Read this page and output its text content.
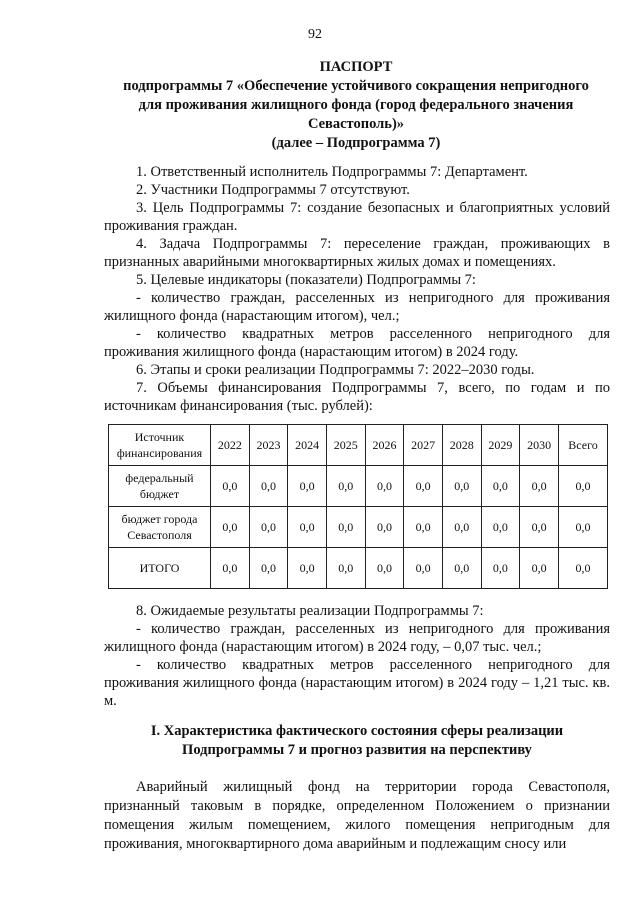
92
ПАСПОРТ
подпрограммы 7 «Обеспечение устойчивого сокращения непригодного
для проживания жилищного фонда (город федерального значения
Севастополь)»
(далее – Подпрограмма 7)
1. Ответственный исполнитель Подпрограммы 7: Департамент.
2. Участники Подпрограммы 7 отсутствуют.
3. Цель Подпрограммы 7: создание безопасных и благоприятных условий проживания граждан.
4. Задача Подпрограммы 7: переселение граждан, проживающих в признанных аварийными многоквартирных жилых домах и помещениях.
5. Целевые индикаторы (показатели) Подпрограммы 7:
- количество граждан, расселенных из непригодного для проживания жилищного фонда (нарастающим итогом), чел.;
- количество квадратных метров расселенного непригодного для проживания жилищного фонда (нарастающим итогом) в 2024 году.
6. Этапы и сроки реализации Подпрограммы 7: 2022–2030 годы.
7. Объемы финансирования Подпрограммы 7, всего, по годам и по источникам финансирования (тыс. рублей):
Источник финансирования	2022	2023	2024	2025	2026	2027	2028	2029	2030	Всего
федеральный бюджет	0,0	0,0	0,0	0,0	0,0	0,0	0,0	0,0	0,0	0,0
бюджет города Севастополя	0,0	0,0	0,0	0,0	0,0	0,0	0,0	0,0	0,0	0,0
ИТОГО	0,0	0,0	0,0	0,0	0,0	0,0	0,0	0,0	0,0	0,0
8. Ожидаемые результаты реализации Подпрограммы 7:
- количество граждан, расселенных из непригодного для проживания жилищного фонда (нарастающим итогом) в 2024 году, – 0,07 тыс. чел.;
- количество квадратных метров расселенного непригодного для проживания жилищного фонда (нарастающим итогом) в 2024 году – 1,21 тыс. кв. м.
I. Характеристика фактического состояния сферы реализации
Подпрограммы 7 и прогноз развития на перспективу
Аварийный жилищный фонд на территории города Севастополя, признанный таковым в порядке, определенном Положением о признании помещения жилым помещением, жилого помещения непригодным для проживания, многоквартирного дома аварийным и подлежащим сносу или
